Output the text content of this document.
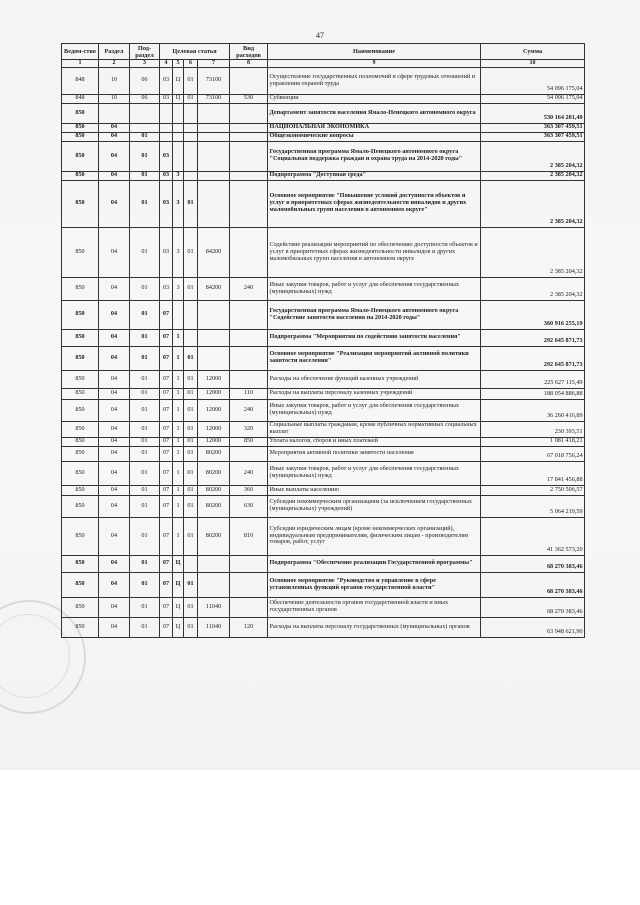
47
Ведом-ство	Раздел	Под-раздел	Целевая статья				Вид расходов	Наименование	Сумма
1	2	3	4	5	6	7	8	9	10
848	10	06	03	Ц	01	73100		Осуществление государственных полномочий в сфере трудовых отношений и управления охраной труда	54 096 175,04
848	10	06	03	Ц	01	73100	530	Субвенции	54 096 175,04
850								Департамент занятости населения Ямало-Ненецкого автономного округа	530 164 201,40
850	04							НАЦИОНАЛЬНАЯ ЭКОНОМИКА	363 307 459,51
850	04	01						Общеэкономические вопросы	363 307 459,51
850	04	01	03					Государственная программа Ямало-Ненецкого автономного округа "Социальная поддержка граждан и охрана труда на 2014-2020 годы"	2 385 204,32
850	04	01	03	3				Подпрограмма "Доступная среда"	2 385 204,32
850	04	01	03	3	01			Основное мероприятие "Повышение условий доступности объектов и услуг в приоритетных сферах жизнедеятельности инвалидов и других маломобильных групп населения в автономном округе"	2 385 204,32
850	04	01	03	3	01	84200		Содействие реализации мероприятий по обеспечению доступности объектов и услуг в приоритетных сферах жизнедеятельности инвалидов и других маломобильных групп населения в автономном округе	2 385 204,32
850	04	01	03	3	01	84200	240	Иные закупки товаров, работ и услуг для обеспечения государственных (муниципальных) нужд	2 385 204,32
850	04	01	07					Государственная программа Ямало-Ненецкого автономного округа "Содействие занятости населения на 2014-2020 годы"	360 916 255,19
850	04	01	07	1				Подпрограмма "Мероприятия по содействию занятости населения"	292 645 871,73
850	04	01	07	1	01			Основное мероприятие "Реализация мероприятий активной политики занятости населения"	292 645 871,73
850	04	01	07	1	01	12000		Расходы на обеспечение функций казенных учреждений	225 627 115,49
850	04	01	07	1	01	12000	110	Расходы на выплаты персоналу казенных учреждений	188 054 886,88
850	04	01	07	1	01	12000	240	Иные закупки товаров, работ и услуг для обеспечения государственных (муниципальных) нужд	36 260 416,89
850	04	01	07	1	01	12000	320	Социальные выплаты гражданам, кроме публичных нормативных социальных выплат	230 393,51
850	04	01	07	1	01	12000	850	Уплата налогов, сборов и иных платежей	1 081 418,21
850	04	01	07	1	01	80200		Мероприятия активной политики занятости населения	67 018 756,24
850	04	01	07	1	01	80200	240	Иные закупки товаров, работ и услуг для обеспечения государственных (муниципальных) нужд	17 841 456,88
850	04	01	07	1	01	80200	360	Иные выплаты населению	2 750 506,57
850	04	01	07	1	01	80200	630	Субсидии некоммерческим организациям (за исключением государственных (муниципальных) учреждений)	5 064 219,59
850	04	01	07	1	01	80200	810	Субсидии юридическим лицам (кроме некоммерческих организаций), индивидуальным предпринимателям, физическим лицам - производителям товаров, работ, услуг	41 362 573,20
850	04	01	07	Ц				Подпрограмма "Обеспечение реализации Государственной программы"	68 270 383,46
850	04	01	07	Ц	01			Основное мероприятие "Руководство и управление в сфере установленных функций органов государственной власти"	68 270 383,46
850	04	01	07	Ц	01	11040		Обеспечение деятельности органов государственной власти и иных государственных органов	68 270 383,46
850	04	01	07	Ц	01	11040	120	Расходы на выплаты персоналу государственных (муниципальных) органов	63 948 621,90
